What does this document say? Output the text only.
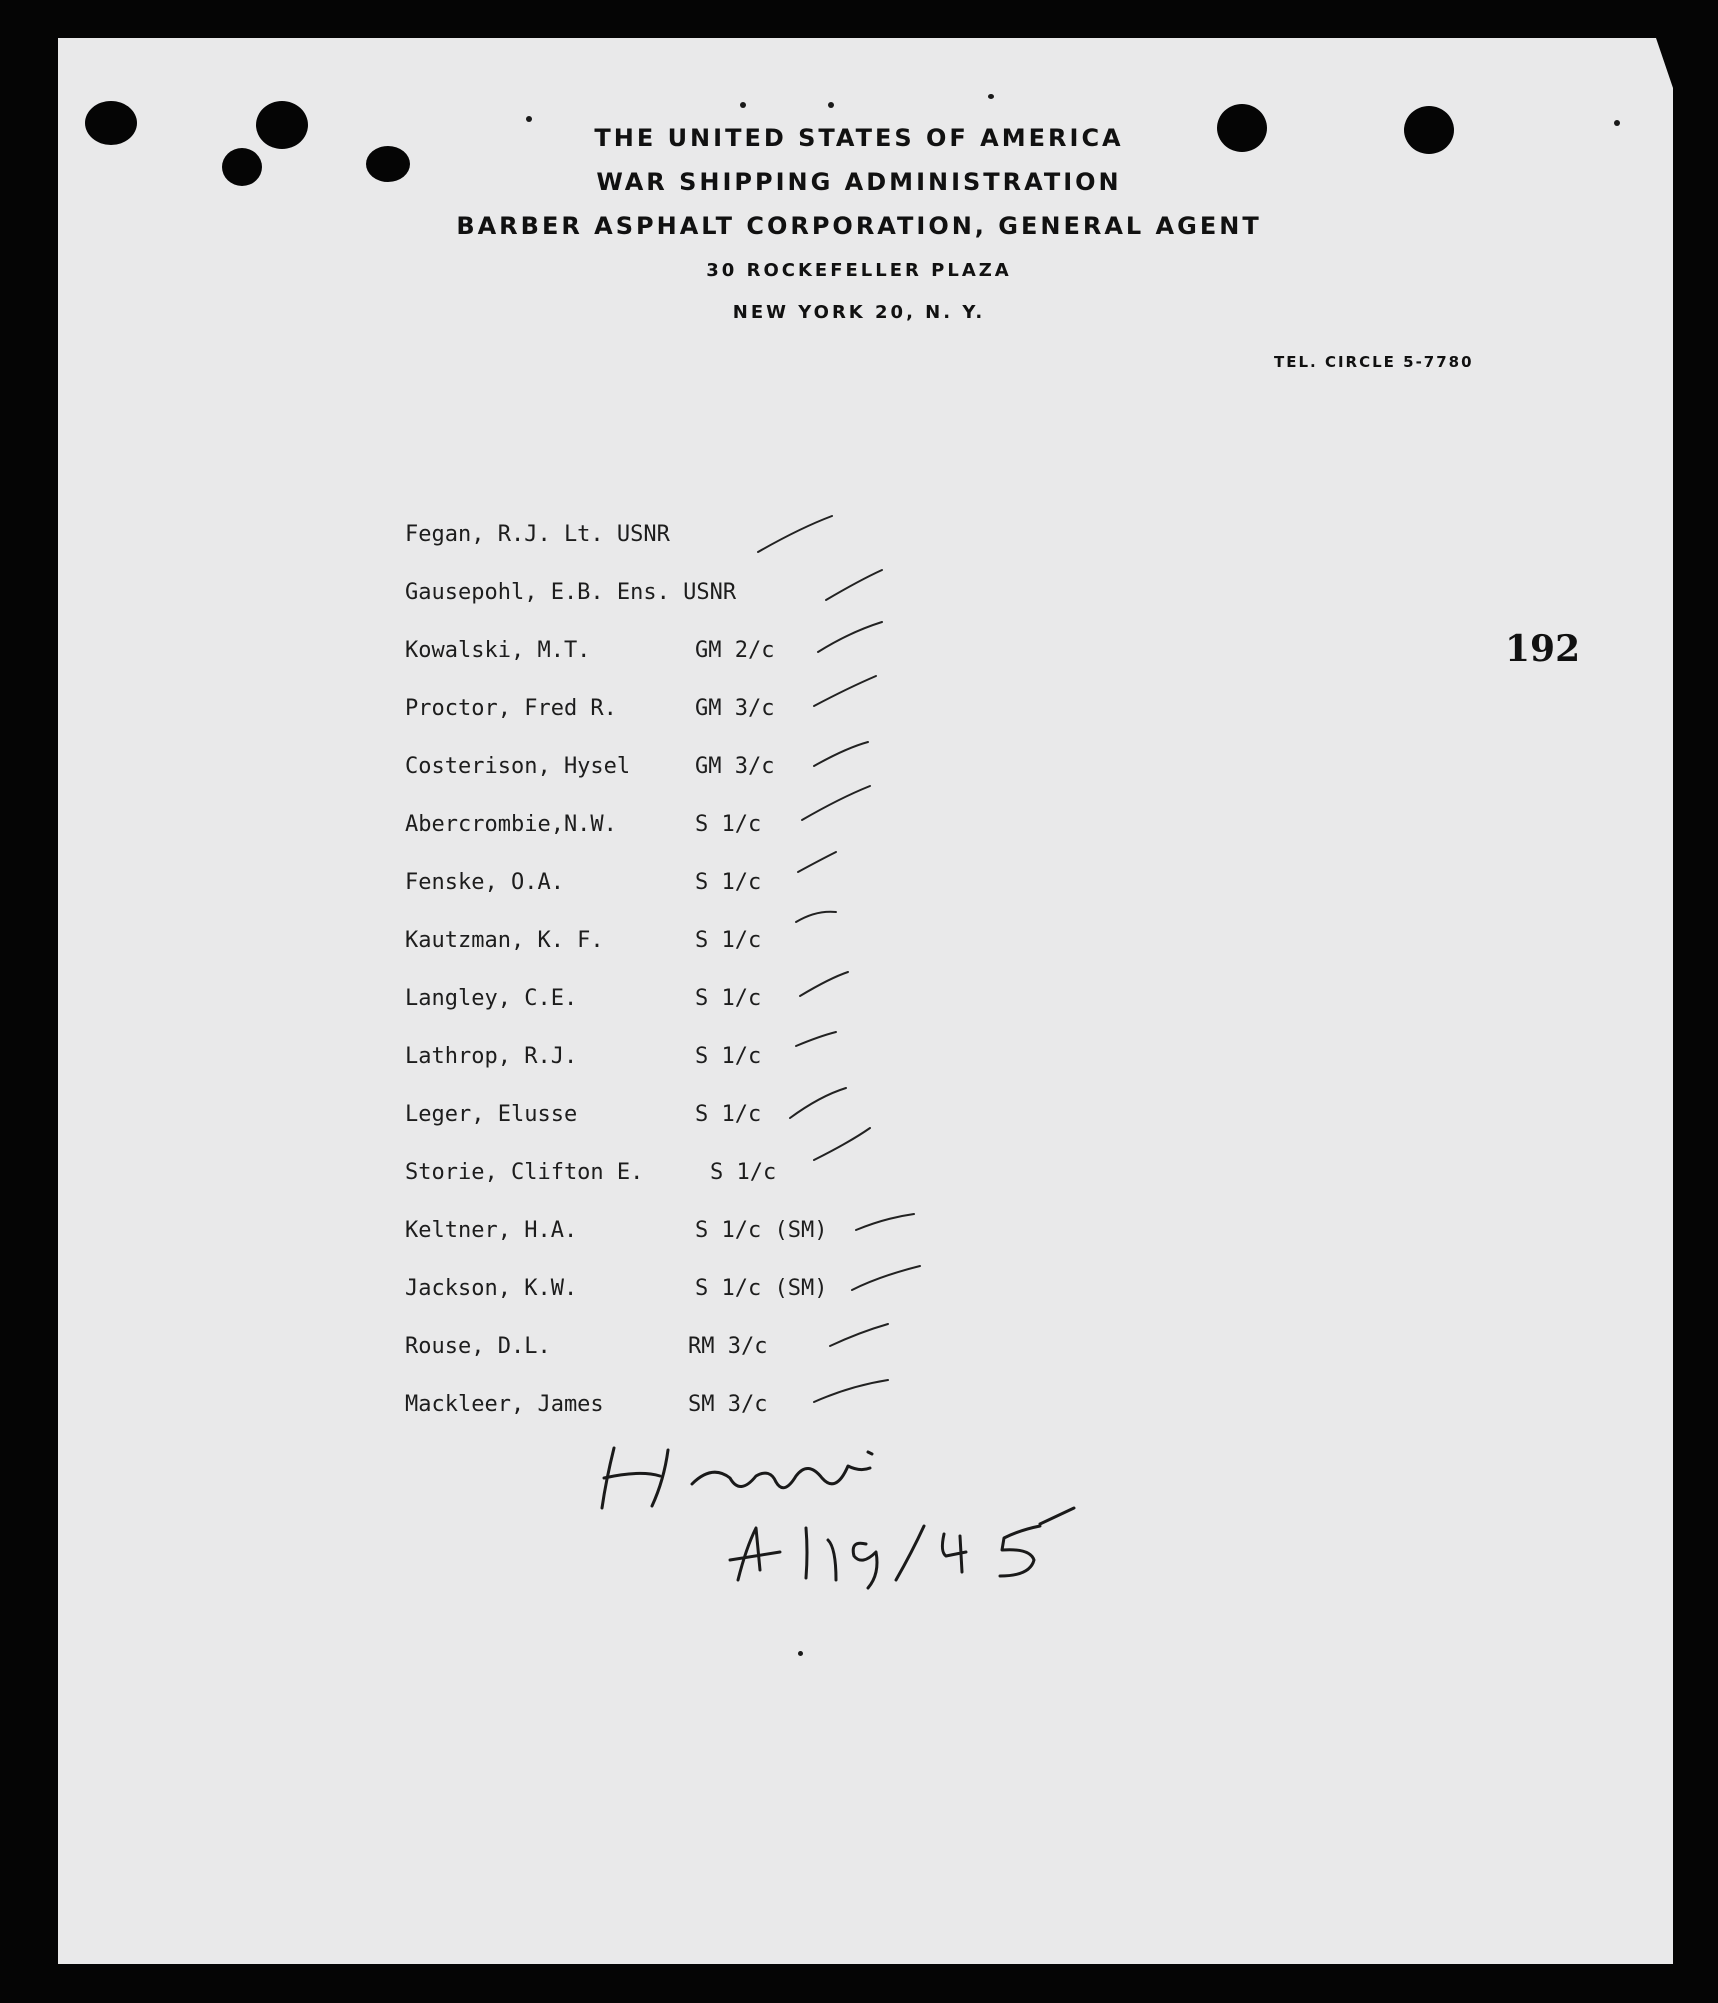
THE UNITED STATES OF AMERICA
WAR SHIPPING ADMINISTRATION
BARBER ASPHALT CORPORATION, GENERAL AGENT
30 ROCKEFELLER PLAZA
NEW YORK 20, N. Y.
TEL. CIRCLE 5-7780
192
Fegan, R.J. Lt. USNR
Gausepohl, E.B. Ens. USNR
Kowalski, M.T.	GM 2/c
Proctor, Fred R.	GM 3/c
Costerison, Hysel	GM 3/c
Abercrombie,N.W.	S 1/c
Fenske, O.A.	S 1/c
Kautzman, K. F.	S 1/c
Langley, C.E.	S 1/c
Lathrop, R.J.	S 1/c
Leger, Elusse	S 1/c
Storie, Clifton E.	S 1/c
Keltner, H.A.	S 1/c (SM)
Jackson, K.W.	S 1/c (SM)
Rouse, D.L.	RM 3/c
Mackleer, James	SM 3/c
